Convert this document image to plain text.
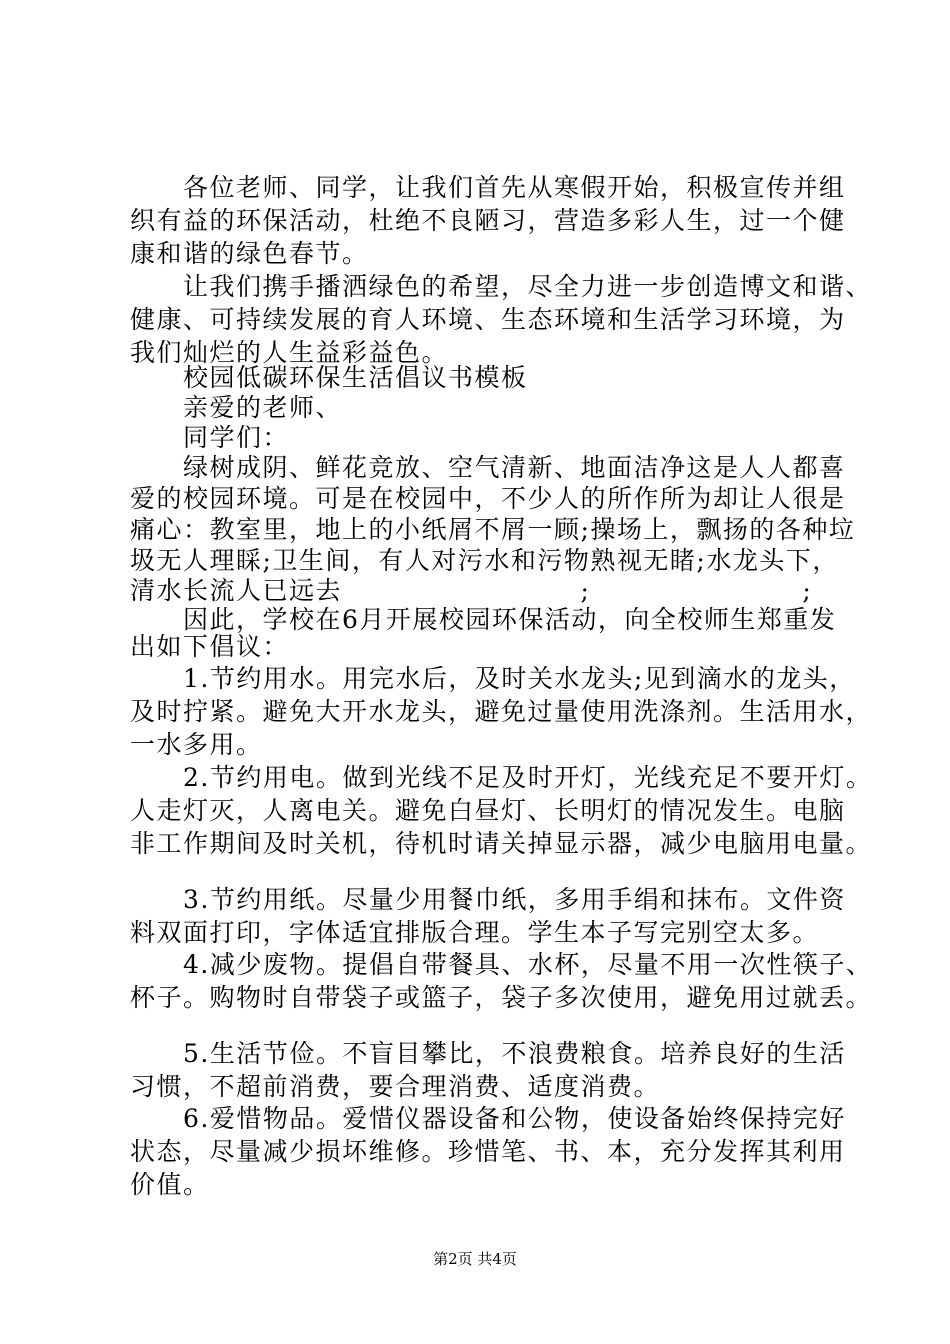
　　各位老师、同学，让我们首先从寒假开始，积极宣传并组
织有益的环保活动，杜绝不良陋习，营造多彩人生，过一个健
康和谐的绿色春节。
　　让我们携手播洒绿色的希望，尽全力进一步创造博文和谐、
健康、可持续发展的育人环境、生态环境和生活学习环境，为
我们灿烂的人生益彩益色。
　　校园低碳环保生活倡议书模板
　　亲爱的老师、
　　同学们：
　　绿树成阴、鲜花竞放、空气清新、地面洁净这是人人都喜
爱的校园环境。可是在校园中，不少人的所作所为却让人很是
痛心：教室里，地上的小纸屑不屑一顾;操场上，飘扬的各种垃
圾无人理睬;卫生间，有人对污水和污物熟视无睹;水龙头下，
清水长流人已远去　　　　　　　　　;　　　　　　　　;
　　因此，学校在6月开展校园环保活动，向全校师生郑重发
出如下倡议：
　　1.节约用水。用完水后，及时关水龙头;见到滴水的龙头，
及时拧紧。避免大开水龙头，避免过量使用洗涤剂。生活用水，
一水多用。
　　2.节约用电。做到光线不足及时开灯，光线充足不要开灯。
人走灯灭，人离电关。避免白昼灯、长明灯的情况发生。电脑
非工作期间及时关机，待机时请关掉显示器，减少电脑用电量。
　　3.节约用纸。尽量少用餐巾纸，多用手绢和抹布。文件资
料双面打印，字体适宜排版合理。学生本子写完别空太多。
　　4.减少废物。提倡自带餐具、水杯，尽量不用一次性筷子、
杯子。购物时自带袋子或篮子，袋子多次使用，避免用过就丢。
　　5.生活节俭。不盲目攀比，不浪费粮食。培养良好的生活
习惯，不超前消费，要合理消费、适度消费。
　　6.爱惜物品。爱惜仪器设备和公物，使设备始终保持完好
状态，尽量减少损坏维修。珍惜笔、书、本，充分发挥其利用
价值。
第2页 共4页
